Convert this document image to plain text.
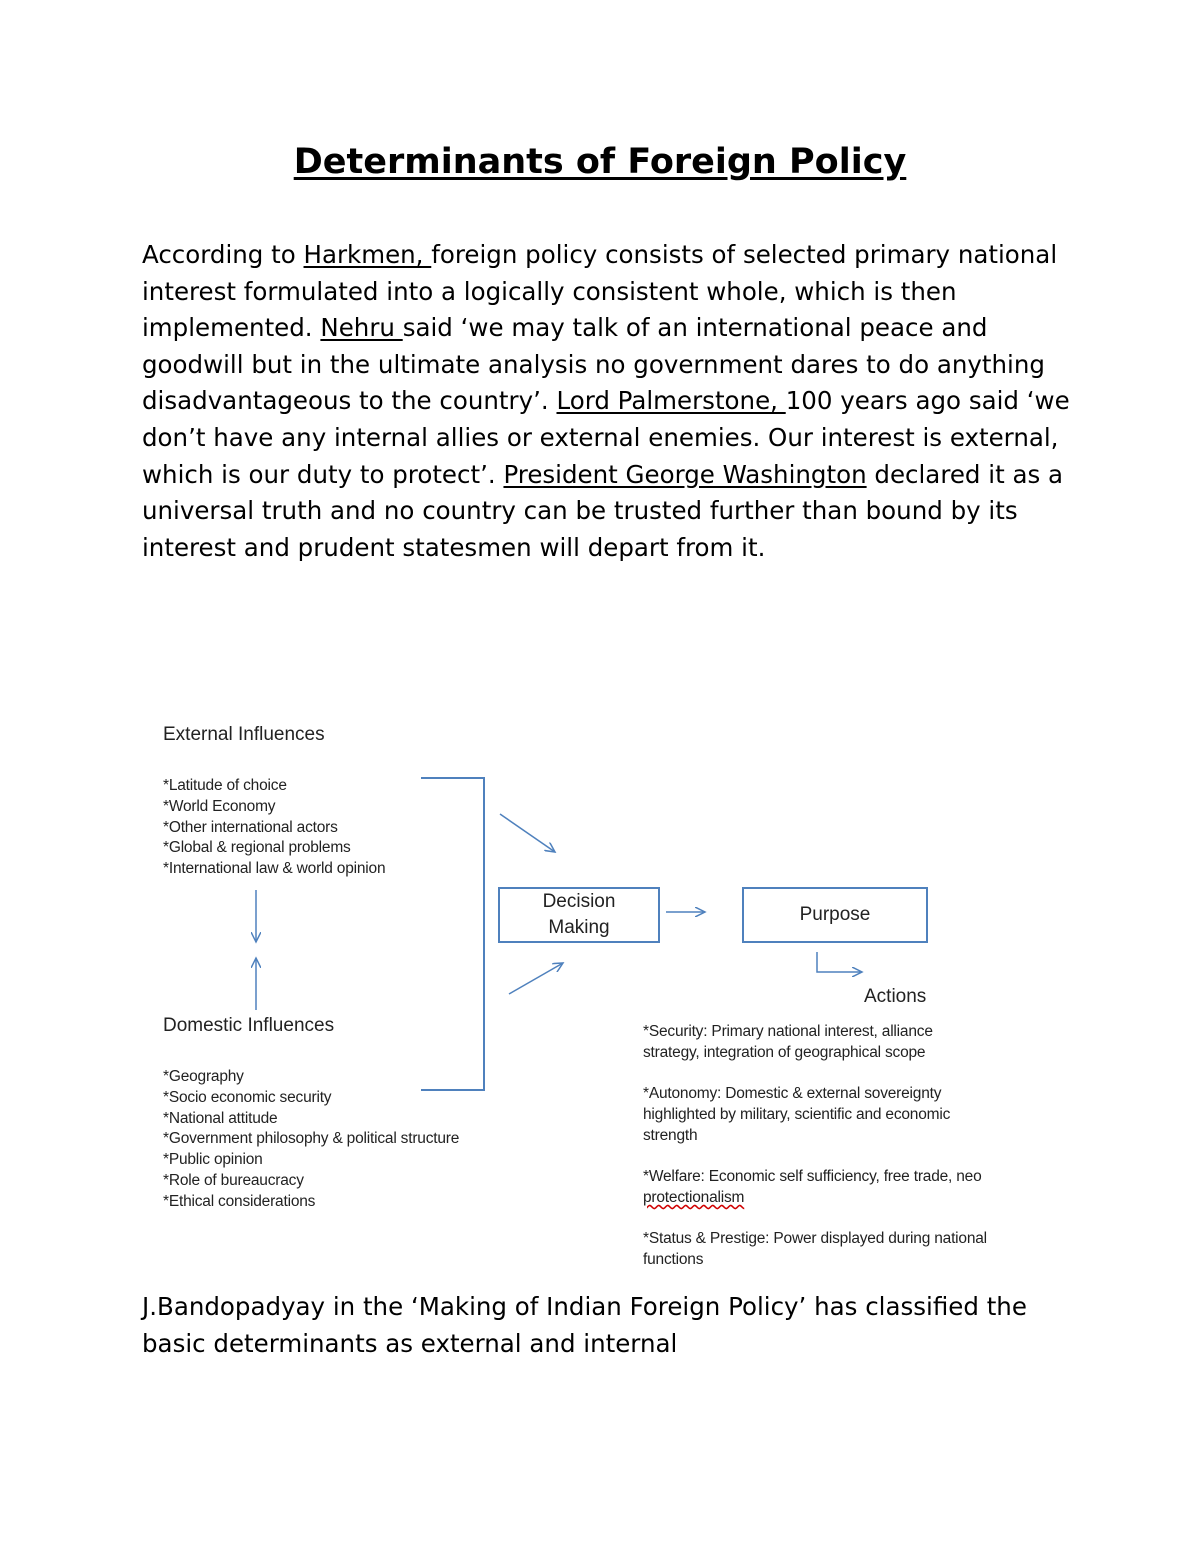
Determinants of Foreign Policy

According to Harkmen, foreign policy consists of selected primary national interest formulated into a logically consistent whole, which is then implemented. Nehru said ‘we may talk of an international peace and goodwill but in the ultimate analysis no government dares to do anything disadvantageous to the country’. Lord Palmerstone, 100 years ago said ‘we don’t have any internal allies or external enemies. Our interest is external, which is our duty to protect’. President George Washington declared it as a universal truth and no country can be trusted further than bound by its interest and prudent statesmen will depart from it.

External Influences
*Latitude of choice
*World Economy
*Other international actors
*Global & regional problems
*International law & world opinion
Domestic Influences
*Geography
*Socio economic security
*National attitude
*Government philosophy & political structure
*Public opinion
*Role of bureaucracy
*Ethical considerations
Decision Making
Purpose
Actions
*Security: Primary national interest, alliance
strategy, integration of geographical scope
*Autonomy: Domestic & external sovereignty
highlighted by military, scientific and economic
strength
*Welfare: Economic self sufficiency, free trade, neo
protectionalism
*Status & Prestige: Power displayed during national
functions

J.Bandopadyay in the ‘Making of Indian Foreign Policy’ has classified the basic determinants as external and internal
